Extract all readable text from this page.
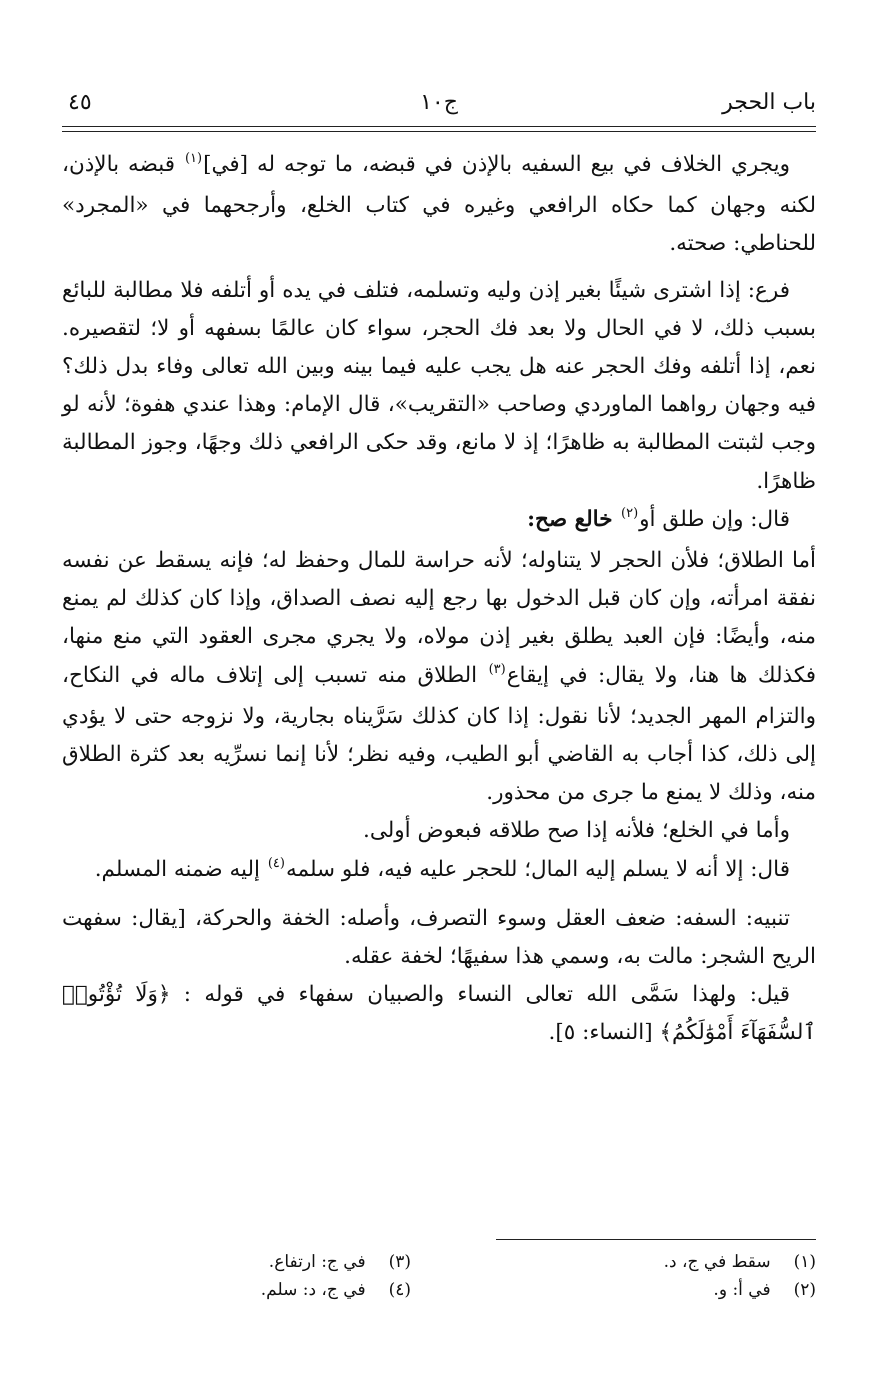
باب الحجر
ج١٠
٤٥

ويجري الخلاف في بيع السفيه بالإذن في قبضه، ما توجه له [في]$^{(١)}$ قبضه بالإذن، لكنه وجهان كما حكاه الرافعي وغيره في كتاب الخلع، وأرجحهما في «المجرد» للحناطي: صحته.

فرع: إذا اشترى شيئًا بغير إذن وليه وتسلمه، فتلف في يده أو أتلفه فلا مطالبة للبائع بسبب ذلك، لا في الحال ولا بعد فك الحجر، سواء كان عالمًا بسفهه أو لا؛ لتقصيره. نعم، إذا أتلفه وفك الحجر عنه هل يجب عليه فيما بينه وبين الله تعالى وفاء بدل ذلك؟ فيه وجهان رواهما الماوردي وصاحب «التقريب»، قال الإمام: وهذا عندي هفوة؛ لأنه لو وجب لثبتت المطالبة به ظاهرًا؛ إذ لا مانع، وقد حكى الرافعي ذلك وجهًا، وجوز المطالبة ظاهرًا.

قال: وإن طلق أو$^{(٢)}$ خالع صح:

أما الطلاق؛ فلأن الحجر لا يتناوله؛ لأنه حراسة للمال وحفظ له؛ فإنه يسقط عن نفسه نفقة امرأته، وإن كان قبل الدخول بها رجع إليه نصف الصداق، وإذا كان كذلك لم يمنع منه، وأيضًا: فإن العبد يطلق بغير إذن مولاه، ولا يجري مجرى العقود التي منع منها، فكذلك ها هنا، ولا يقال: في إيقاع$^{(٣)}$ الطلاق منه تسبب إلى إتلاف ماله في النكاح، والتزام المهر الجديد؛ لأنا نقول: إذا كان كذلك سَرَّيناه بجارية، ولا نزوجه حتى لا يؤدي إلى ذلك، كذا أجاب به القاضي أبو الطيب، وفيه نظر؛ لأنا إنما نسرِّيه بعد كثرة الطلاق منه، وذلك لا يمنع ما جرى من محذور.

وأما في الخلع؛ فلأنه إذا صح طلاقه فبعوض أولى.

قال: إلا أنه لا يسلم إليه المال؛ للحجر عليه فيه، فلو سلمه$^{(٤)}$ إليه ضمنه المسلم.

تنبيه: السفه: ضعف العقل وسوء التصرف، وأصله: الخفة والحركة، [يقال: سفهت الريح الشجر: مالت به، وسمي هذا سفيهًا؛ لخفة عقله.

قيل: ولهذا سَمَّى الله تعالى النساء والصبيان سفهاء في قوله : ﴿وَلَا تُؤْتُوا۟ ٱلسُّفَهَآءَ أَمْوَٰلَكُمُ﴾ [النساء: ٥].

(١) سقط في ج، د.
(٢) في أ: و.
(٣) في ج: ارتفاع.
(٤) في ج، د: سلم.
